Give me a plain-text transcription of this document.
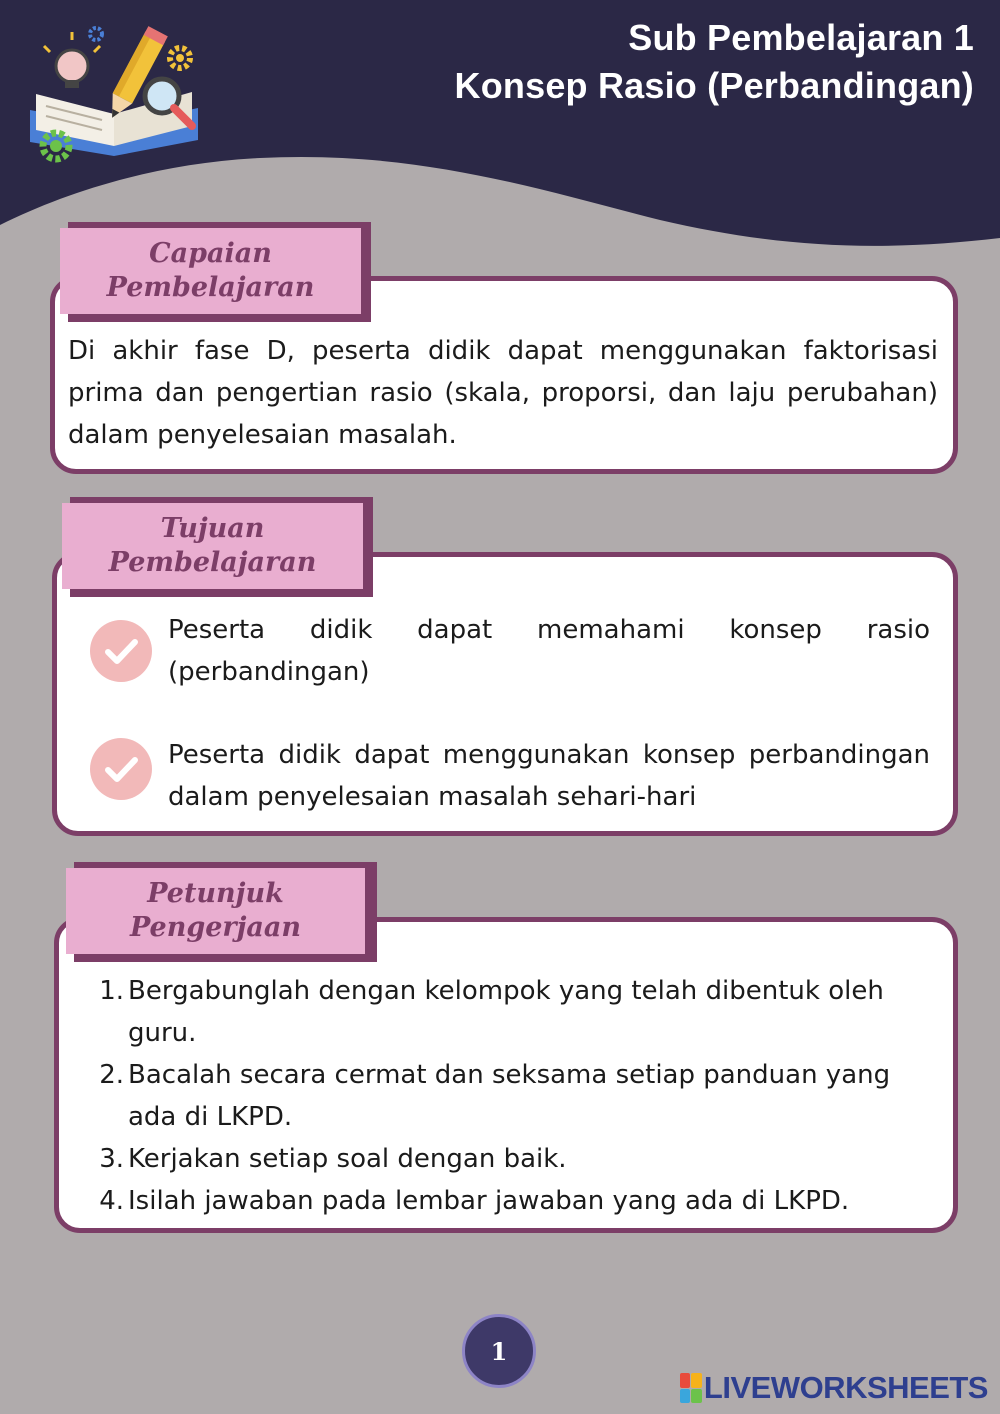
Sub Pembelajaran 1
Konsep Rasio (Perbandingan)
Capaian
Pembelajaran
Di akhir fase D, peserta didik dapat menggunakan faktorisasi prima dan pengertian rasio (skala, proporsi, dan laju perubahan) dalam penyelesaian masalah.
Tujuan
Pembelajaran
Peserta didik dapat memahami konsep rasio (perbandingan)
Peserta didik dapat menggunakan konsep perbandingan dalam penyelesaian masalah sehari-hari
Petunjuk
Pengerjaan
1. Bergabunglah dengan kelompok yang telah dibentuk oleh guru.
2. Bacalah secara cermat dan seksama setiap panduan yang ada di LKPD.
3. Kerjakan setiap soal dengan baik.
4. Isilah jawaban pada lembar jawaban yang ada di LKPD.
1
LIVEWORKSHEETS
